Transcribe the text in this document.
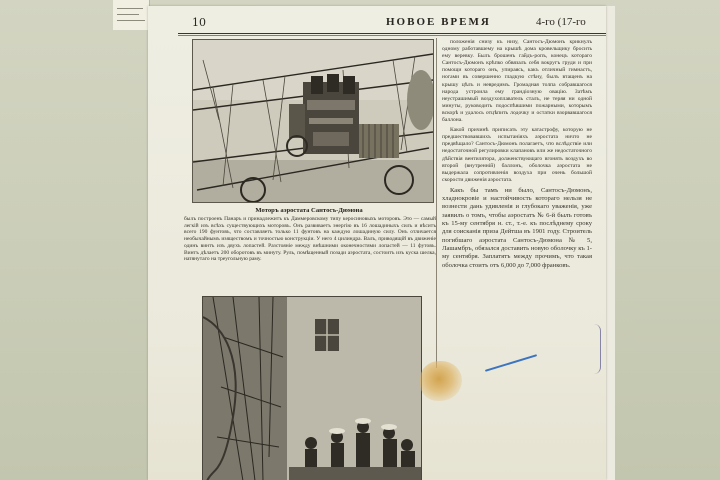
10	НОВОЕ ВРЕМЯ	4-го (17-го
Моторъ аэростата Сантосъ-Дюмона

былъ построенъ Панаръ и принадлежитъ къ Даммеровскому типу керосиновыхъ моторовъ. Это — самый легкій изъ всѣхъ существующихъ моторовъ. Онъ развиваетъ энергію въ 16 лошадиныхъ силъ и вѣситъ всего 190 фунтовъ, что составляетъ только 11 фунтовъ на каждую лошадиную силу. Онъ отличается необычайнымъ изяществомъ и точностью конструкціи. У него 4 цилиндра. Валъ, приводящій въ движеніе одинъ винтъ изъ двухъ лопастей. Разстояніе между внѣшними оконечностями лопастей — 11 футовъ. Винтъ дѣлаетъ 200 оборотовъ въ минуту. Руль, помѣщенный позади аэростата, состоитъ изъ куска шелка, натянутаго на треугольную раму.

положенія снизу къ низу, Сантосъ-Дюмонъ крикнулъ одному работавшему на крышѣ дома кровельщику бросить ему веревку. Былъ брошенъ гайдъ-ропъ, конецъ котораго Сантосъ-Дюмонъ крѣпко обвязалъ себя вокругъ груди и при помощи котораго онъ, упираясь, какъ отличный гимнастъ, ногами въ совершенно гладкую стѣну, былъ втащенъ на крышу цѣлъ и невредимъ. Громадная толпа собравшагося народа устроила ему грандіозную овацію. Затѣмъ неустрашимый воздухоплаватель сталъ, не теряя ни одной минуты, руководить подоспѣвшими пожарными, которымъ вскорѣ и удалось отцѣпить лодочку и остатки взорвавшагося баллона.

Какой причинѣ приписать эту катастрофу, которую не предшествовавшихъ испытаніяхъ аэростата ничто не предвѣщало? Сантосъ-Дюмонъ полагаетъ, что вслѣдствіе или недостаточной регулировки клапановъ или же недостаточного дѣйствія вентилятора, долженствующаго вгонять воздухъ во второй (внутренній) баллонъ, оболочка аэростата не выдержала сопротивленія воздуха при очень большой скорости движенія аэростата.

Какъ бы тамъ ни было, Сантосъ-Дюмонъ, хладнокровіе и настойчивость котораго нельзя не вознести дань удивленія и глубокаго уваженія, уже заявилъ о томъ, чтобы аэростатъ № 6-й былъ готовъ къ 15-му сентября н. ст., т.-е. къ послѣднему сроку для соисканія приза Дейтша въ 1901 году. Строитель погибшаго аэростата Сантосъ-Дюмона № 5, Лашамбръ, обязался доставить новую оболочку къ 1-му сентября. Заплатятъ между прочимъ, что такая оболочка стоитъ отъ 6,000 до 7,000 франковъ.
